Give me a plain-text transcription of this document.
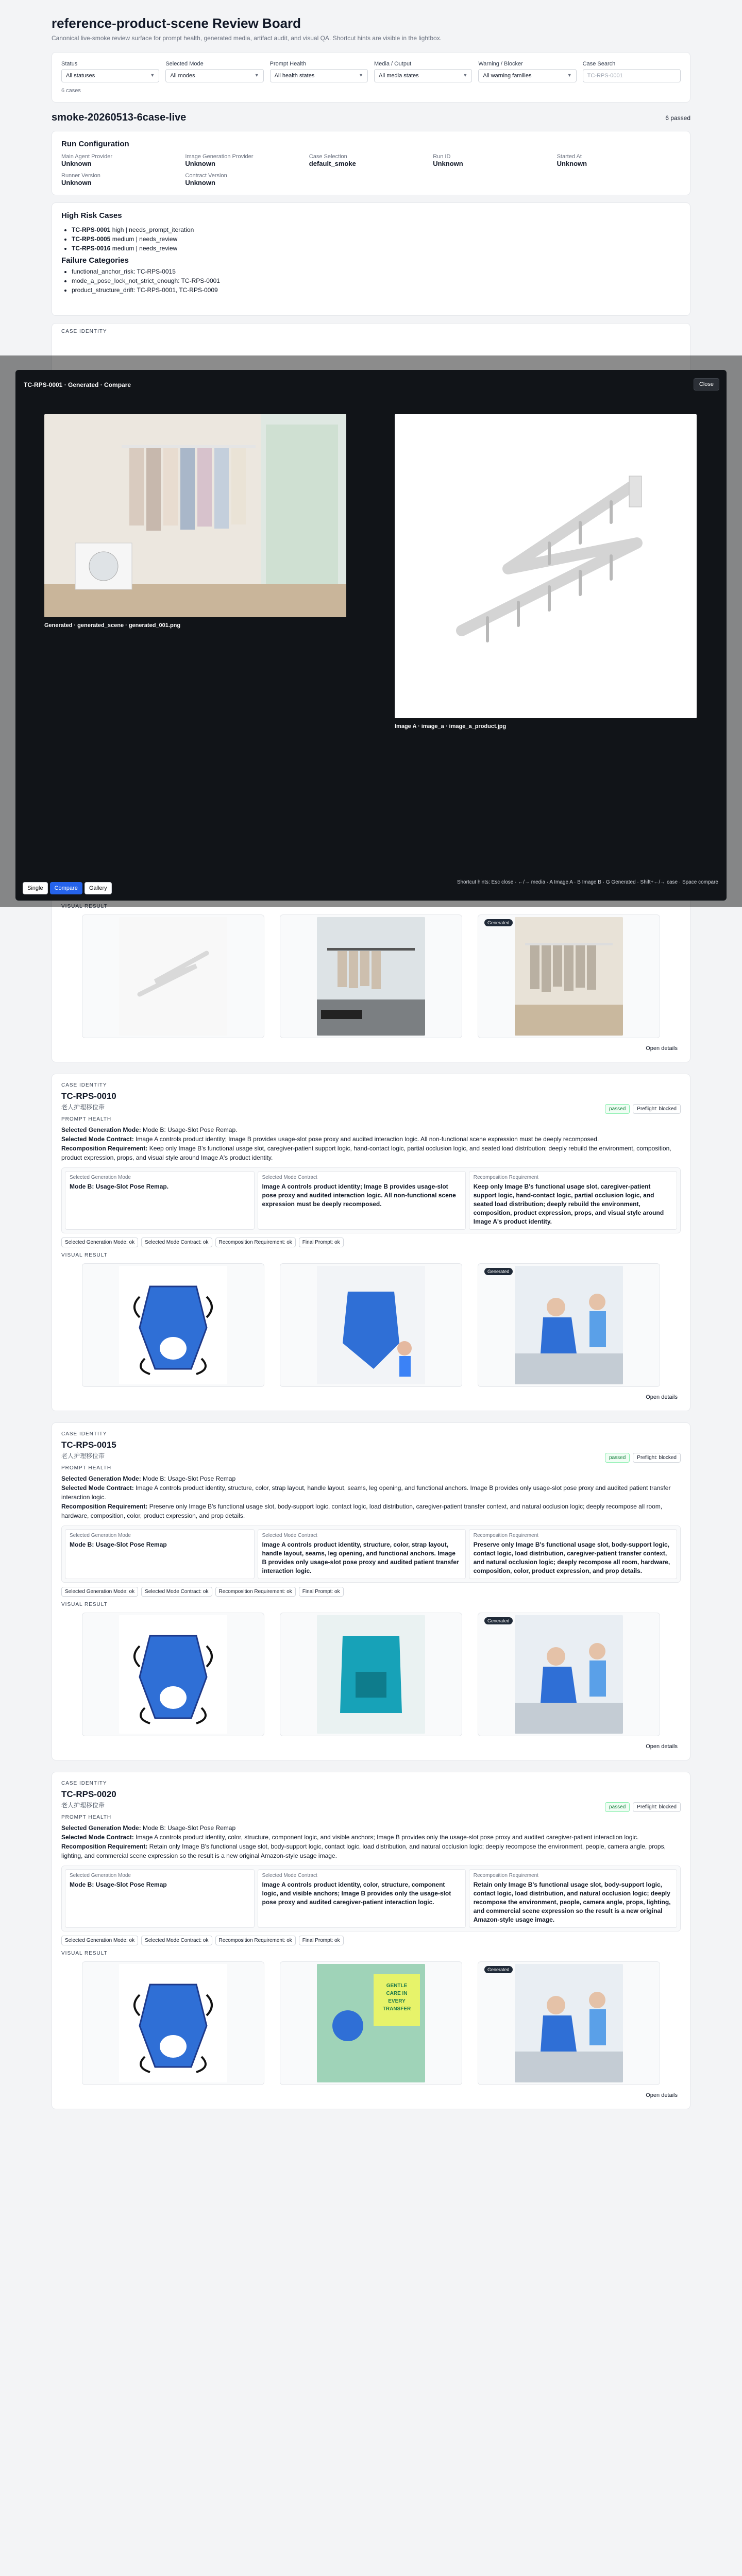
reference-product-scene Review Board
Canonical live-smoke review surface for prompt health, generated media, artifact audit, and visual QA. Shortcut hints are visible in the lightbox.
Status
All statuses	▼
Selected Mode
All modes	▼
Prompt Health
All health states	▼
Media / Output
All media states	▼
Warning / Blocker
All warning families	▼
Case Search
TC-RPS-0001
6 cases
smoke-20260513-6case-live	6 passed
Run Configuration
Main Agent Provider
Unknown
Image Generation Provider
Unknown
Case Selection
default_smoke
Run ID
Unknown
Started At
Unknown
Runner Version
Unknown
Contract Version
Unknown
High Risk Cases
• TC-RPS-0001 high | needs_prompt_iteration
• TC-RPS-0005 medium | needs_review
• TC-RPS-0016 medium | needs_review
Failure Categories
• functional_anchor_risk: TC-RPS-0015
• mode_a_pose_lock_not_strict_enough: TC-RPS-0001
• product_structure_drift: TC-RPS-0001, TC-RPS-0009
CASE IDENTITY
VISUAL RESULT
Generated
Open details
CASE IDENTITY
TC-RPS-0010
老人护理移位带	passed	Preflight: blocked
PROMPT HEALTH
Selected Generation Mode: Mode B: Usage-Slot Pose Remap.
Selected Mode Contract: Image A controls product identity; Image B provides usage-slot pose proxy and audited interaction logic. All non-functional scene expression must be deeply recomposed.
Recomposition Requirement: Keep only Image B's functional usage slot, caregiver-patient support logic, hand-contact logic, partial occlusion logic, and seated load distribution; deeply rebuild the environment, composition, product expression, props, and visual style around Image A's product identity.
Selected Generation Mode
Mode B: Usage-Slot Pose Remap.
Selected Mode Contract
Image A controls product identity; Image B provides usage-slot pose proxy and audited interaction logic. All non-functional scene expression must be deeply recomposed.
Recomposition Requirement
Keep only Image B's functional usage slot, caregiver-patient support logic, hand-contact logic, partial occlusion logic, and seated load distribution; deeply rebuild the environment, composition, product expression, props, and visual style around Image A's product identity.
Selected Generation Mode: ok	Selected Mode Contract: ok	Recomposition Requirement: ok	Final Prompt: ok
VISUAL RESULT
Generated
Open details
CASE IDENTITY
TC-RPS-0015
老人护理移位带	passed	Preflight: blocked
PROMPT HEALTH
Selected Generation Mode: Mode B: Usage-Slot Pose Remap
Selected Mode Contract: Image A controls product identity, structure, color, strap layout, handle layout, seams, leg opening, and functional anchors. Image B provides only usage-slot pose proxy and audited patient transfer interaction logic.
Recomposition Requirement: Preserve only Image B's functional usage slot, body-support logic, contact logic, load distribution, caregiver-patient transfer context, and natural occlusion logic; deeply recompose all room, hardware, composition, color, product expression, and prop details.
Selected Generation Mode
Mode B: Usage-Slot Pose Remap
Selected Mode Contract
Image A controls product identity, structure, color, strap layout, handle layout, seams, leg opening, and functional anchors. Image B provides only usage-slot pose proxy and audited patient transfer interaction logic.
Recomposition Requirement
Preserve only Image B's functional usage slot, body-support logic, contact logic, load distribution, caregiver-patient transfer context, and natural occlusion logic; deeply recompose all room, hardware, composition, color, product expression, and prop details.
Selected Generation Mode: ok	Selected Mode Contract: ok	Recomposition Requirement: ok	Final Prompt: ok
VISUAL RESULT
Generated
Open details
CASE IDENTITY
TC-RPS-0020
老人护理移位带	passed	Preflight: blocked
PROMPT HEALTH
Selected Generation Mode: Mode B: Usage-Slot Pose Remap
Selected Mode Contract: Image A controls product identity, color, structure, component logic, and visible anchors; Image B provides only the usage-slot pose proxy and audited caregiver-patient interaction logic.
Recomposition Requirement: Retain only Image B's functional usage slot, body-support logic, contact logic, load distribution, and natural occlusion logic; deeply recompose the environment, people, camera angle, props, lighting, and commercial scene expression so the result is a new original Amazon-style usage image.
Selected Generation Mode
Mode B: Usage-Slot Pose Remap
Selected Mode Contract
Image A controls product identity, color, structure, component logic, and visible anchors; Image B provides only the usage-slot pose proxy and audited caregiver-patient interaction logic.
Recomposition Requirement
Retain only Image B's functional usage slot, body-support logic, contact logic, load distribution, and natural occlusion logic; deeply recompose the environment, people, camera angle, props, lighting, and commercial scene expression so the result is a new original Amazon-style usage image.
Selected Generation Mode: ok	Selected Mode Contract: ok	Recomposition Requirement: ok	Final Prompt: ok
VISUAL RESULT
GENTLE
CARE IN
EVERY
TRANSFER
Generated
Open details
TC-RPS-0001 · Generated · Compare	Close
Generated · generated_scene · generated_001.png
Image A · image_a · image_a_product.jpg
Shortcut hints: Esc close · ←/→ media · A Image A · B Image B · G Generated · Shift+←/→ case · Space compare
Single	Compare	Gallery
